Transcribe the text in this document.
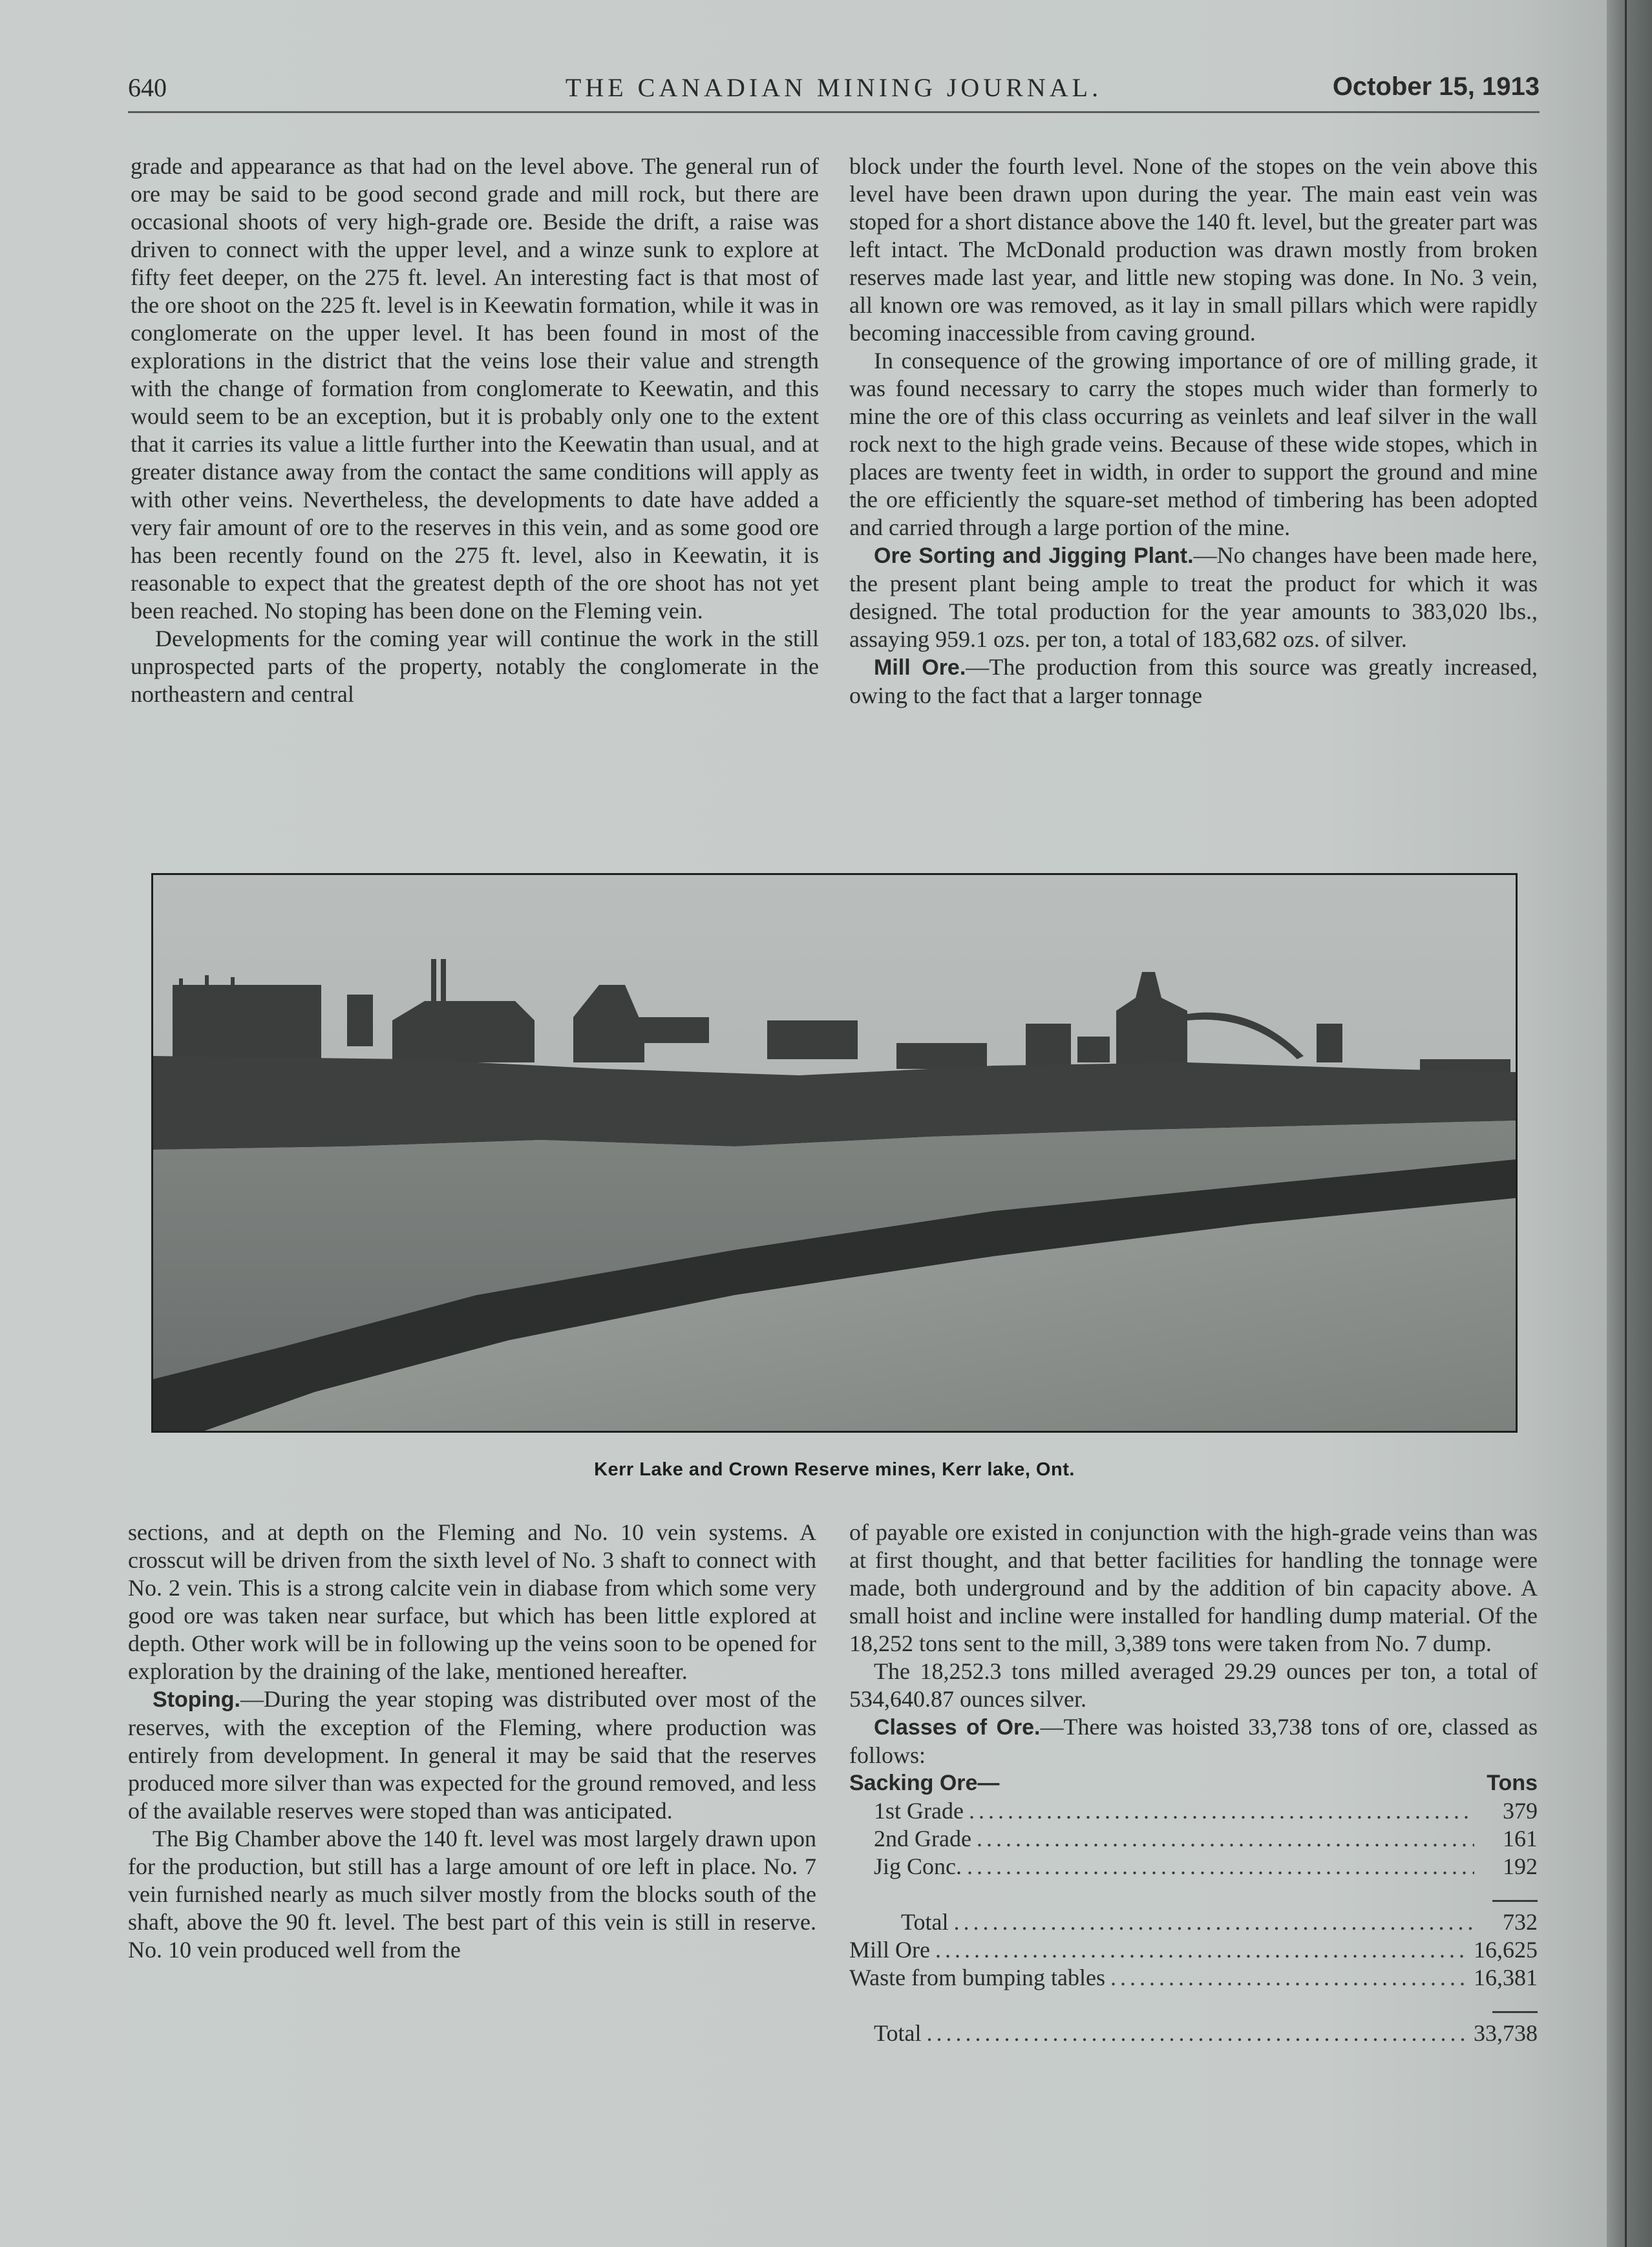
640	THE CANADIAN MINING JOURNAL.	October 15, 1913

grade and appearance as that had on the level above. The general run of ore may be said to be good second grade and mill rock, but there are occasional shoots of very high-grade ore. Beside the drift, a raise was driven to connect with the upper level, and a winze sunk to explore at fifty feet deeper, on the 275 ft. level. An interesting fact is that most of the ore shoot on the 225 ft. level is in Keewatin formation, while it was in conglomerate on the upper level. It has been found in most of the explorations in the district that the veins lose their value and strength with the change of formation from conglomerate to Keewatin, and this would seem to be an exception, but it is probably only one to the extent that it carries its value a little further into the Keewatin than usual, and at greater distance away from the contact the same conditions will apply as with other veins. Nevertheless, the developments to date have added a very fair amount of ore to the reserves in this vein, and as some good ore has been recently found on the 275 ft. level, also in Keewatin, it is reasonable to expect that the greatest depth of the ore shoot has not yet been reached. No stoping has been done on the Fleming vein.

Developments for the coming year will continue the work in the still unprospected parts of the property, notably the conglomerate in the northeastern and central

block under the fourth level. None of the stopes on the vein above this level have been drawn upon during the year. The main east vein was stoped for a short distance above the 140 ft. level, but the greater part was left intact. The McDonald production was drawn mostly from broken reserves made last year, and little new stoping was done. In No. 3 vein, all known ore was removed, as it lay in small pillars which were rapidly becoming inaccessible from caving ground.

In consequence of the growing importance of ore of milling grade, it was found necessary to carry the stopes much wider than formerly to mine the ore of this class occurring as veinlets and leaf silver in the wall rock next to the high grade veins. Because of these wide stopes, which in places are twenty feet in width, in order to support the ground and mine the ore efficiently the square-set method of timbering has been adopted and carried through a large portion of the mine.

Ore Sorting and Jigging Plant.—No changes have been made here, the present plant being ample to treat the product for which it was designed. The total production for the year amounts to 383,020 lbs., assaying 959.1 ozs. per ton, a total of 183,682 ozs. of silver.

Mill Ore.—The production from this source was greatly increased, owing to the fact that a larger tonnage

Kerr Lake and Crown Reserve mines, Kerr lake, Ont.

sections, and at depth on the Fleming and No. 10 vein systems. A crosscut will be driven from the sixth level of No. 3 shaft to connect with No. 2 vein. This is a strong calcite vein in diabase from which some very good ore was taken near surface, but which has been little explored at depth. Other work will be in following up the veins soon to be opened for exploration by the draining of the lake, mentioned hereafter.

Stoping.—During the year stoping was distributed over most of the reserves, with the exception of the Fleming, where production was entirely from development. In general it may be said that the reserves produced more silver than was expected for the ground removed, and less of the available reserves were stoped than was anticipated.

The Big Chamber above the 140 ft. level was most largely drawn upon for the production, but still has a large amount of ore left in place. No. 7 vein furnished nearly as much silver mostly from the blocks south of the shaft, above the 90 ft. level. The best part of this vein is still in reserve. No. 10 vein produced well from the

of payable ore existed in conjunction with the high-grade veins than was at first thought, and that better facilities for handling the tonnage were made, both underground and by the addition of bin capacity above. A small hoist and incline were installed for handling dump material. Of the 18,252 tons sent to the mill, 3,389 tons were taken from No. 7 dump.

The 18,252.3 tons milled averaged 29.29 ounces per ton, a total of 534,640.87 ounces silver.

Classes of Ore.—There was hoisted 33,738 tons of ore, classed as follows:

Sacking Ore—	Tons
1st Grade .....	379
2nd Grade .....	161
Jig Conc. .....	192
Total .....	732
Mill Ore .....	16,625
Waste from bumping tables .....	16,381
Total .....	33,738
